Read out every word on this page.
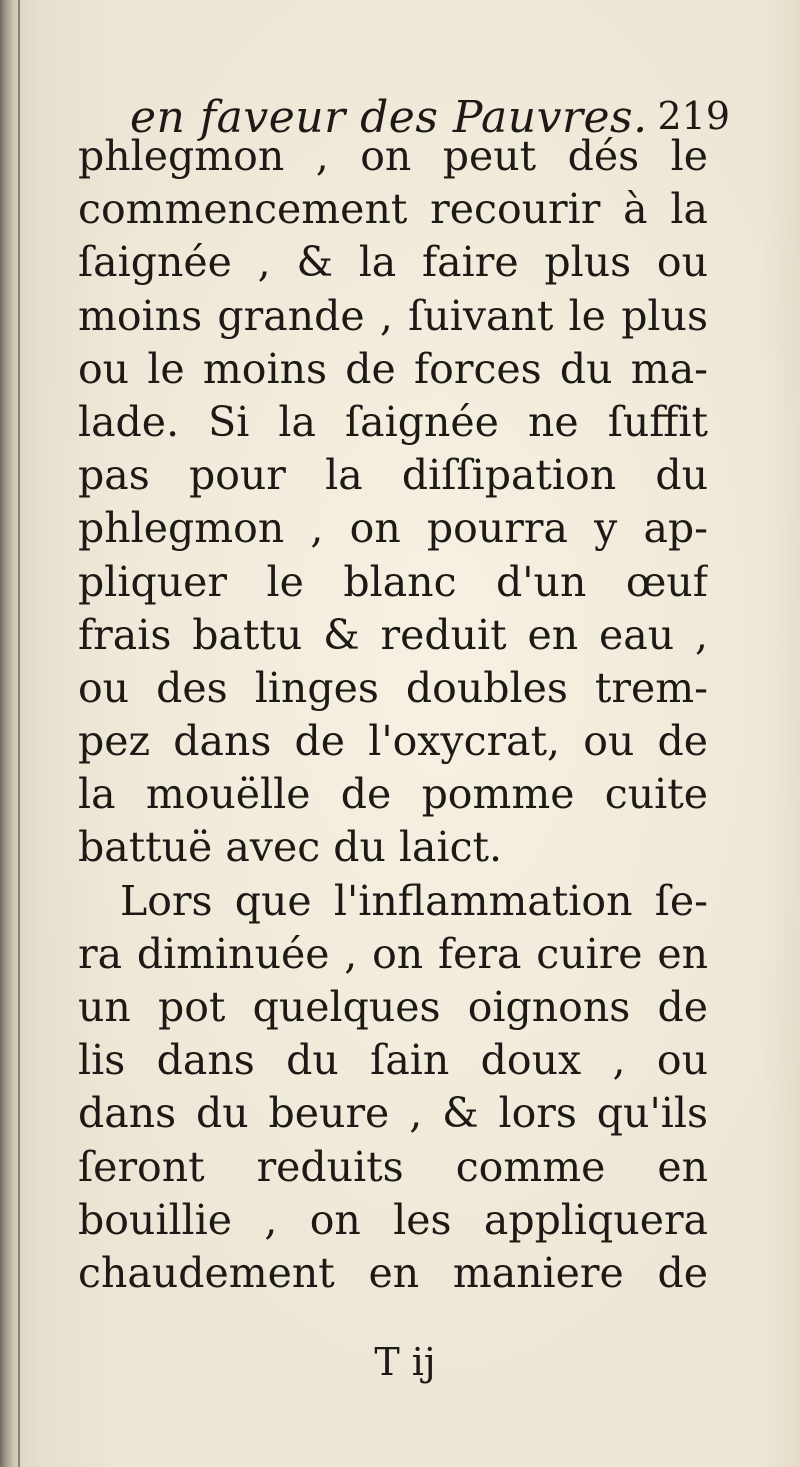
en faveur des Pauvres. 219
phlegmon , on peut dés le
commencement recourir à la
ſaignée , & la faire plus ou
moins grande , ſuivant le plus
ou le moins de forces du ma-
lade. Si la ſaignée ne ſuffit
pas pour la diſſipation du
phlegmon , on pourra y ap-
pliquer le blanc d'un œuf
frais battu & reduit en eau ,
ou des linges doubles trem-
pez dans de l'oxycrat, ou de
la mouëlle de pomme cuite
battuë avec du laict.
Lors que l'inflammation ſe-
ra diminuée , on fera cuire en
un pot quelques oignons de
lis dans du ſain doux , ou
dans du beure , & lors qu'ils
ſeront reduits comme en
bouillie , on les appliquera
chaudement en maniere de
T ij
